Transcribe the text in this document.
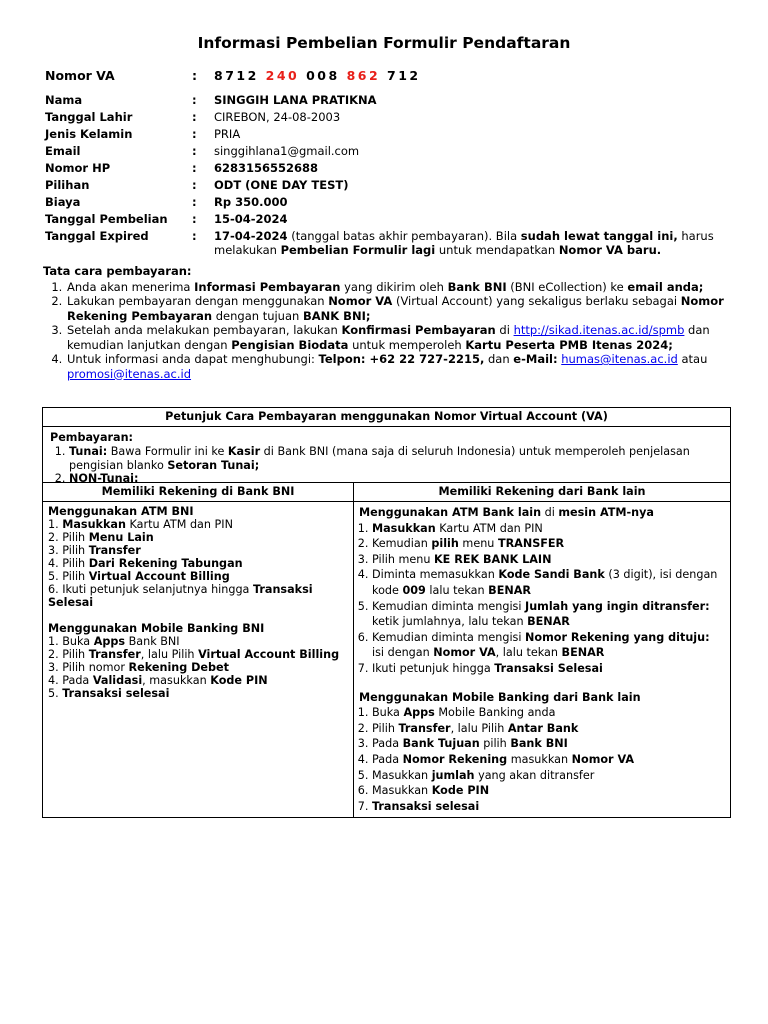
Informasi Pembelian Formulir Pendaftaran
Nomor VA	: 8712 240 008 862 712
Nama	: SINGGIH LANA PRATIKNA
Tanggal Lahir	: CIREBON, 24-08-2003
Jenis Kelamin	: PRIA
Email	: singgihlana1@gmail.com
Nomor HP	: 6283156552688
Pilihan	: ODT (ONE DAY TEST)
Biaya	: Rp 350.000
Tanggal Pembelian : 15-04-2024
Tanggal Expired	: 17-04-2024 (tanggal batas akhir pembayaran). Bila sudah lewat tanggal ini, harus melakukan Pembelian Formulir lagi untuk mendapatkan Nomor VA baru.
Tata cara pembayaran:
1. Anda akan menerima Informasi Pembayaran yang dikirim oleh Bank BNI (BNI eCollection) ke email anda;
2. Lakukan pembayaran dengan menggunakan Nomor VA (Virtual Account) yang sekaligus berlaku sebagai Nomor Rekening Pembayaran dengan tujuan BANK BNI;
3. Setelah anda melakukan pembayaran, lakukan Konfirmasi Pembayaran di http://sikad.itenas.ac.id/spmb dan kemudian lanjutkan dengan Pengisian Biodata untuk memperoleh Kartu Peserta PMB Itenas 2024;
4. Untuk informasi anda dapat menghubungi: Telpon: +62 22 727-2215, dan e-Mail: humas@itenas.ac.id atau promosi@itenas.ac.id
Petunjuk Cara Pembayaran menggunakan Nomor Virtual Account (VA)
Pembayaran:
1. Tunai: Bawa Formulir ini ke Kasir di Bank BNI (mana saja di seluruh Indonesia) untuk memperoleh penjelasan pengisian blanko Setoran Tunai;
2. NON-Tunai:
Memiliki Rekening di Bank BNI
Menggunakan ATM BNI
1. Masukkan Kartu ATM dan PIN
2. Pilih Menu Lain
3. Pilih Transfer
4. Pilih Dari Rekening Tabungan
5. Pilih Virtual Account Billing
6. Ikuti petunjuk selanjutnya hingga Transaksi Selesai
Menggunakan Mobile Banking BNI
1. Buka Apps Bank BNI
2. Pilih Transfer, lalu Pilih Virtual Account Billing
3. Pilih nomor Rekening Debet
4. Pada Validasi, masukkan Kode PIN
5. Transaksi selesai
Memiliki Rekening dari Bank lain
Menggunakan ATM Bank lain di mesin ATM-nya
1. Masukkan Kartu ATM dan PIN
2. Kemudian pilih menu TRANSFER
3. Pilih menu KE REK BANK LAIN
4. Diminta memasukkan Kode Sandi Bank (3 digit), isi dengan kode 009 lalu tekan BENAR
5. Kemudian diminta mengisi Jumlah yang ingin ditransfer: ketik jumlahnya, lalu tekan BENAR
6. Kemudian diminta mengisi Nomor Rekening yang dituju: isi dengan Nomor VA, lalu tekan BENAR
7. Ikuti petunjuk hingga Transaksi Selesai
Menggunakan Mobile Banking dari Bank lain
1. Buka Apps Mobile Banking anda
2. Pilih Transfer, lalu Pilih Antar Bank
3. Pada Bank Tujuan pilih Bank BNI
4. Pada Nomor Rekening masukkan Nomor VA
5. Masukkan jumlah yang akan ditransfer
6. Masukkan Kode PIN
7. Transaksi selesai
